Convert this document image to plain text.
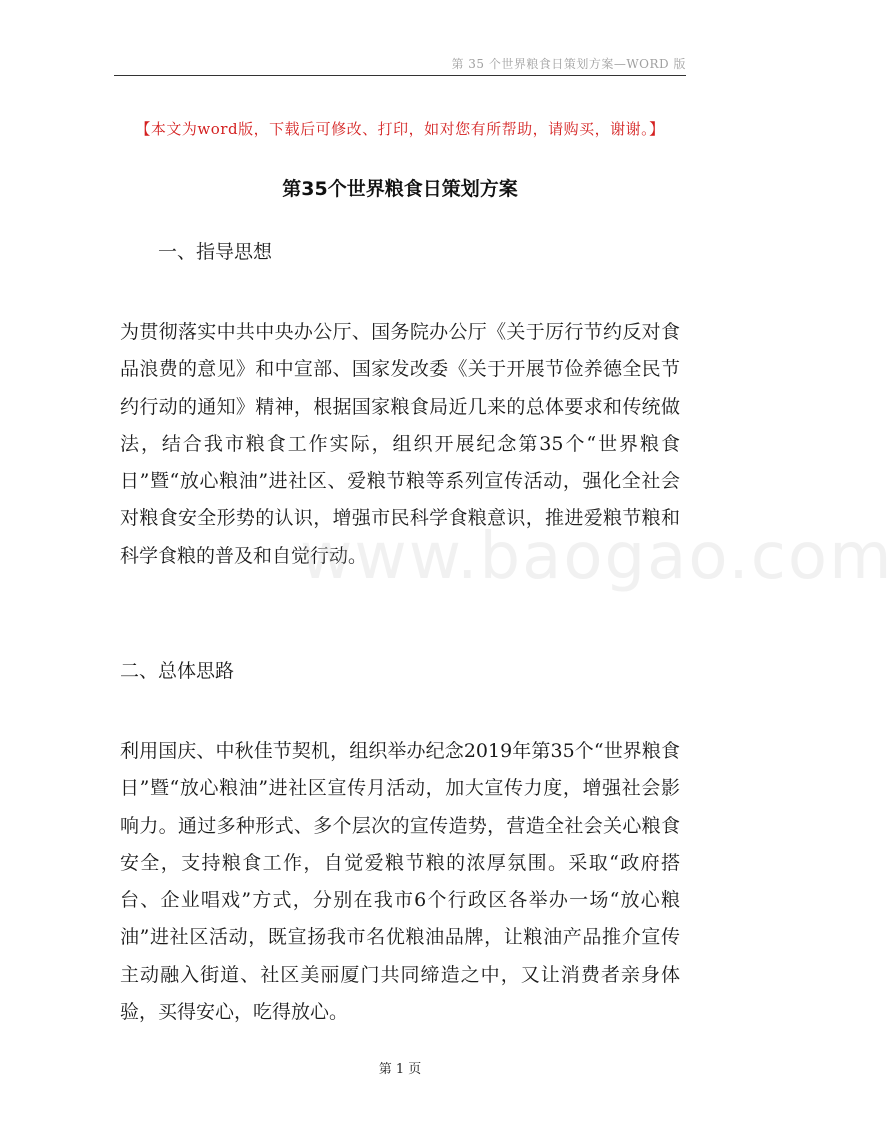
第 35 个世界粮食日策划方案—WORD 版
【本文为word版，下载后可修改、打印，如对您有所帮助，请购买，谢谢。】
第35个世界粮食日策划方案
一、指导思想

为贯彻落实中共中央办公厅、国务院办公厅《关于厉行节约反对食品浪费的意见》和中宣部、国家发改委《关于开展节俭养德全民节约行动的通知》精神，根据国家粮食局近几来的总体要求和传统做法，结合我市粮食工作实际，组织开展纪念第35个“世界粮食日”暨“放心粮油”进社区、爱粮节粮等系列宣传活动，强化全社会对粮食安全形势的认识，增强市民科学食粮意识，推进爱粮节粮和科学食粮的普及和自觉行动。

二、总体思路

利用国庆、中秋佳节契机，组织举办纪念2019年第35个“世界粮食日”暨“放心粮油”进社区宣传月活动，加大宣传力度，增强社会影响力。通过多种形式、多个层次的宣传造势，营造全社会关心粮食安全，支持粮食工作，自觉爱粮节粮的浓厚氛围。采取“政府搭台、企业唱戏”方式，分别在我市6个行政区各举办一场“放心粮油”进社区活动，既宣扬我市名优粮油品牌，让粮油产品推介宣传主动融入街道、社区美丽厦门共同缔造之中，又让消费者亲身体验，买得安心，吃得放心。

www.baogao.com
第 1 页
